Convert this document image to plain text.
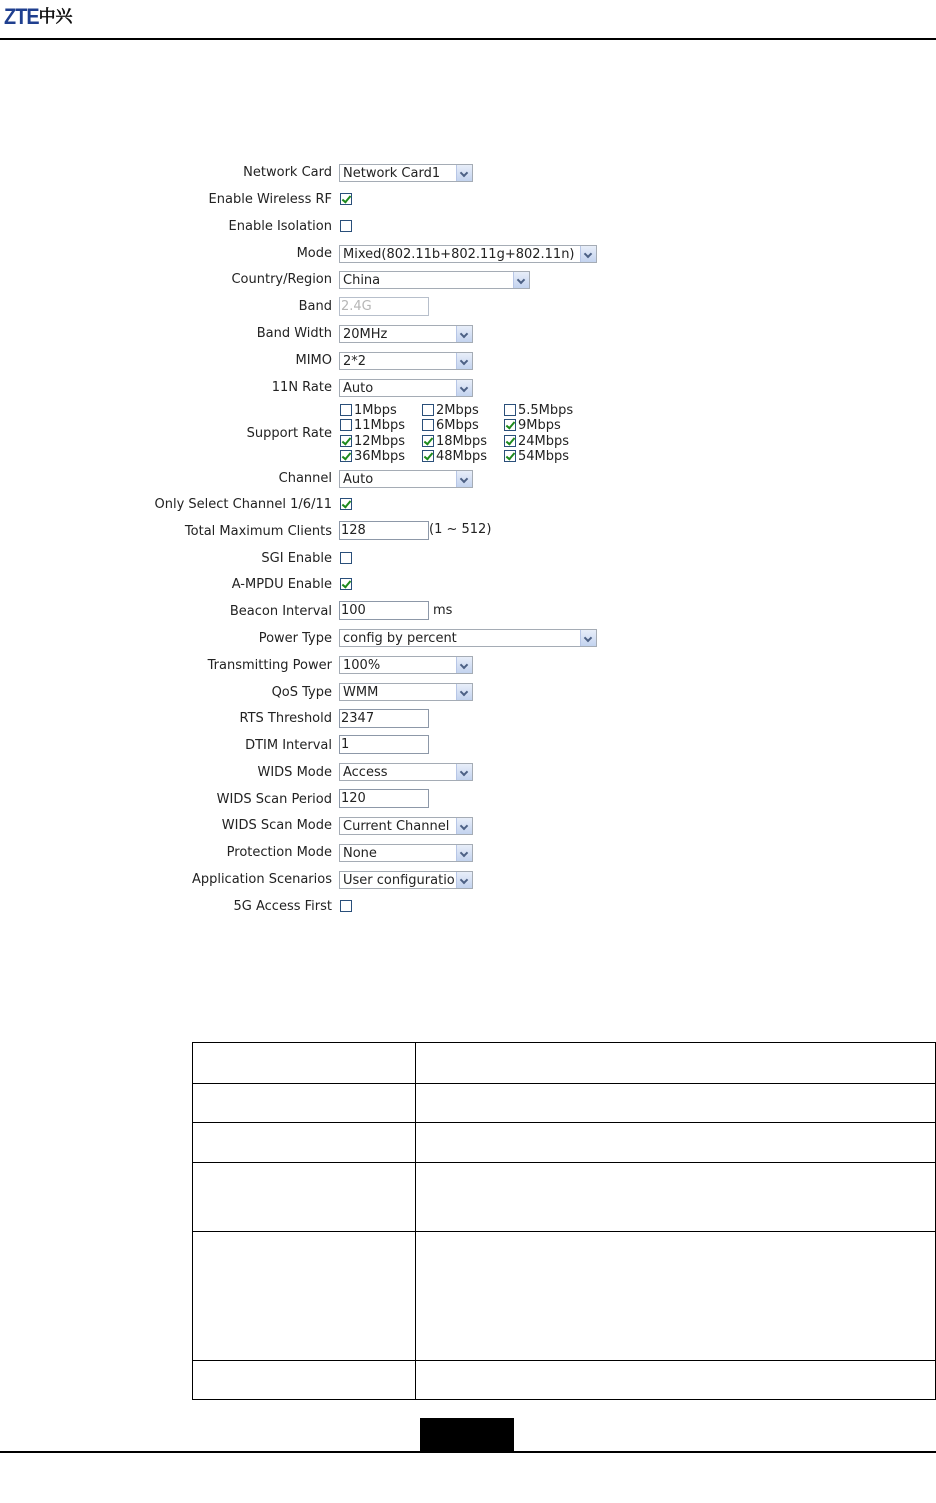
ZTE中兴
Network Card Network Card1
Enable Wireless RF
Enable Isolation
Mode Mixed(802.11b+802.11g+802.11n)
Country/Region China
Band 2.4G
Band Width 20MHz
MIMO 2*2
11N Rate Auto
Support Rate
1Mbps	2Mbps	5.5Mbps
11Mbps 6Mbps	9Mbps
12Mbps 18Mbps 24Mbps
36Mbps 48Mbps 54Mbps
Channel Auto
Only Select Channel 1/6/11
Total Maximum Clients 128	(1 ~ 512)
SGI Enable
A-MPDU Enable
Beacon Interval 100	ms
Power Type config by percent
Transmitting Power 100%
QoS Type WMM
RTS Threshold 2347
DTIM Interval 1
WIDS Mode Access
WIDS Scan Period 120
WIDS Scan Mode Current Channel
Protection Mode None
Application Scenarios User configuratio
5G Access First
